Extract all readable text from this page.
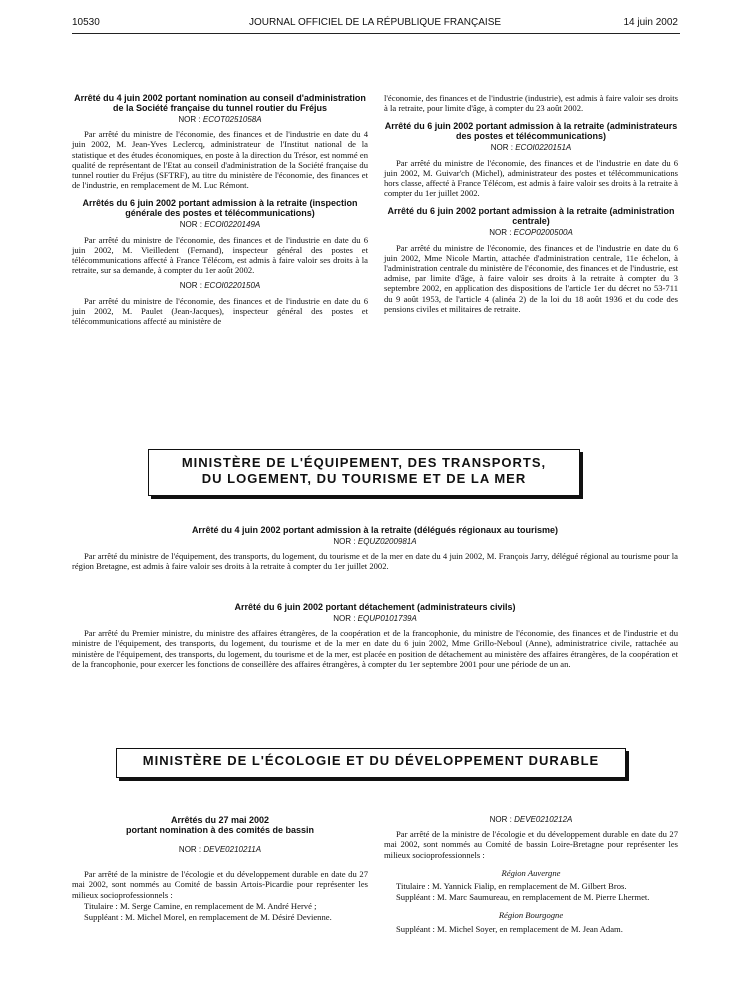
10530	JOURNAL OFFICIEL DE LA RÉPUBLIQUE FRANÇAISE	14 juin 2002

Arrêté du 4 juin 2002 portant nomination au conseil d'administration de la Société française du tunnel routier du Fréjus

NOR : ECOT0251058A

Par arrêté du ministre de l'économie, des finances et de l'industrie en date du 4 juin 2002, M. Jean-Yves Leclercq, administrateur de l'Institut national de la statistique et des études économiques, en poste à la direction du Trésor, est nommé en qualité de représentant de l'Etat au conseil d'administration de la Société française du tunnel routier du Fréjus (SFTRF), au titre du ministère de l'économie, des finances et de l'industrie, en remplacement de M. Luc Rémont.

Arrêtés du 6 juin 2002 portant admission à la retraite (inspection générale des postes et télécommunications)

NOR : ECOI0220149A

Par arrêté du ministre de l'économie, des finances et de l'industrie en date du 6 juin 2002, M. Vieilledent (Fernand), inspecteur général des postes et télécommunications affecté à France Télécom, est admis à faire valoir ses droits à la retraite, sur sa demande, à compter du 1er août 2002.

NOR : ECOI0220150A

Par arrêté du ministre de l'économie, des finances et de l'industrie en date du 6 juin 2002, M. Paulet (Jean-Jacques), inspecteur général des postes et télécommunications affecté au ministère de

l'économie, des finances et de l'industrie (industrie), est admis à faire valoir ses droits à la retraite, pour limite d'âge, à compter du 23 août 2002.

Arrêté du 6 juin 2002 portant admission à la retraite (administrateurs des postes et télécommunications)

NOR : ECOI0220151A

Par arrêté du ministre de l'économie, des finances et de l'industrie en date du 6 juin 2002, M. Guivar'ch (Michel), administrateur des postes et télécommunications hors classe, affecté à France Télécom, est admis à faire valoir ses droits à la retraite à compter du 1er juillet 2002.

Arrêté du 6 juin 2002 portant admission à la retraite (administration centrale)

NOR : ECOP0200500A

Par arrêté du ministre de l'économie, des finances et de l'industrie en date du 6 juin 2002, Mme Nicole Martin, attachée d'administration centrale, 11e échelon, à l'administration centrale du ministère de l'économie, des finances et de l'industrie, est admise, par limite d'âge, à faire valoir ses droits à la retraite à compter du 3 septembre 2002, en application des dispositions de l'article 1er du décret no 53-711 du 9 août 1953, de l'article 4 (alinéa 2) de la loi du 18 août 1936 et du code des pensions civiles et militaires de retraite.

MINISTÈRE DE L'ÉQUIPEMENT, DES TRANSPORTS,
DU LOGEMENT, DU TOURISME ET DE LA MER

Arrêté du 4 juin 2002 portant admission à la retraite (délégués régionaux au tourisme)

NOR : EQUZ0200981A

Par arrêté du ministre de l'équipement, des transports, du logement, du tourisme et de la mer en date du 4 juin 2002, M. François Jarry, délégué régional au tourisme pour la région Bretagne, est admis à faire valoir ses droits à la retraite à compter du 1er juillet 2002.

Arrêté du 6 juin 2002 portant détachement (administrateurs civils)

NOR : EQUP0101739A

Par arrêté du Premier ministre, du ministre des affaires étrangères, de la coopération et de la francophonie, du ministre de l'économie, des finances et de l'industrie et du ministre de l'équipement, des transports, du logement, du tourisme et de la mer en date du 6 juin 2002, Mme Grillo-Neboul (Anne), administratrice civile, rattachée au ministère de l'équipement, des transports, du logement, du tourisme et de la mer, est placée en position de détachement au ministère des affaires étrangères, de la coopération et de la francophonie, pour exercer les fonctions de conseillère des affaires étrangères, à compter du 1er septembre 2001 pour une période de un an.

MINISTÈRE DE L'ÉCOLOGIE ET DU DÉVELOPPEMENT DURABLE

Arrêtés du 27 mai 2002

portant nomination à des comités de bassin

NOR : DEVE0210211A

Par arrêté de la ministre de l'écologie et du développement durable en date du 27 mai 2002, sont nommés au Comité de bassin Artois-Picardie pour représenter les milieux socioprofessionnels :

Titulaire : M. Serge Camine, en remplacement de M. André Hervé ;

Suppléant : M. Michel Morel, en remplacement de M. Désiré Devienne.

NOR : DEVE0210212A

Par arrêté de la ministre de l'écologie et du développement durable en date du 27 mai 2002, sont nommés au Comité de bassin Loire-Bretagne pour représenter les milieux socioprofessionnels :

Région Auvergne

Titulaire : M. Yannick Fialip, en remplacement de M. Gilbert Bros.

Suppléant : M. Marc Saumureau, en remplacement de M. Pierre Lhermet.

Région Bourgogne

Suppléant : M. Michel Soyer, en remplacement de M. Jean Adam.
